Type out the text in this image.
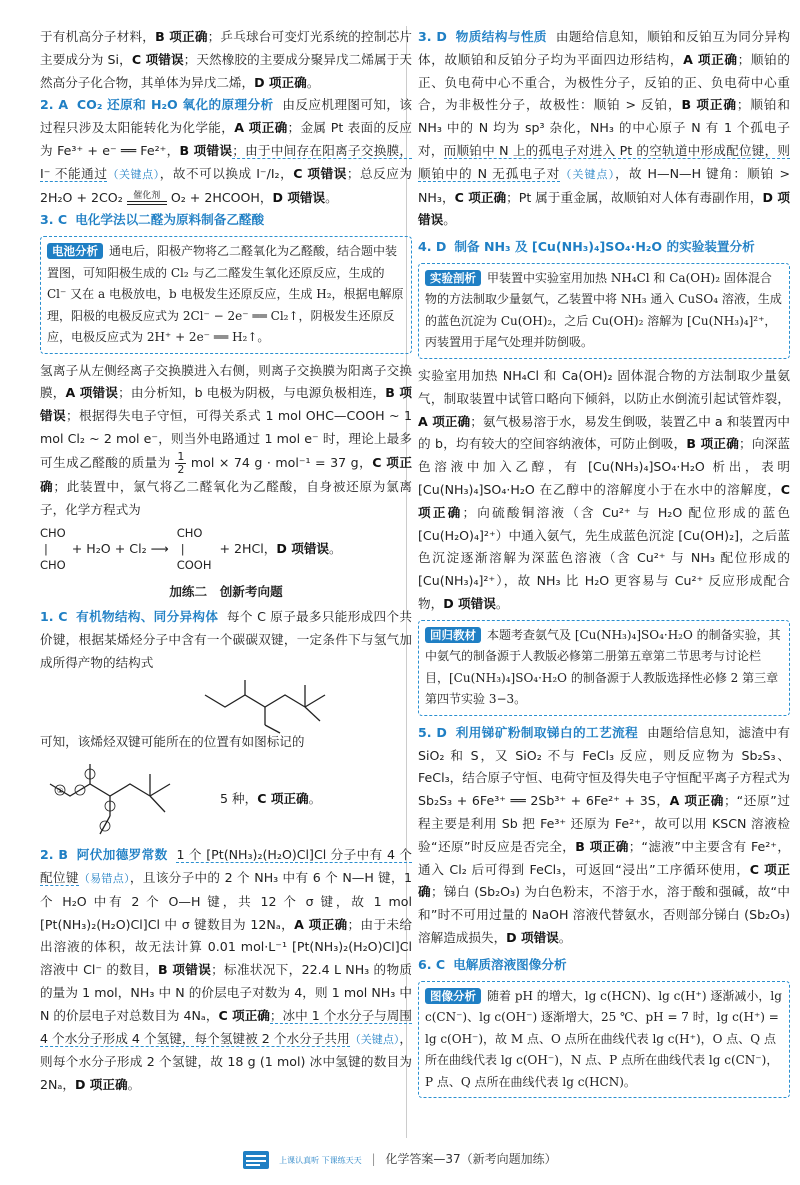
于有机高分子材料，B 项正确；乒乓球台可变灯光系统的控制芯片主要成分为 Si，C 项错误；天然橡胶的主要成分聚异戊二烯属于天然高分子化合物，其单体为异戊二烯，D 项正确。

2. A CO₂ 还原和 H₂O 氧化的原理分析 由反应机理图可知，该过程只涉及太阳能转化为化学能，A 项正确；金属 Pt 表面的反应为 Fe³⁺ + e⁻ ══ Fe²⁺，B 项错误；由于中间存在阳离子交换膜，I⁻ 不能通过（关键点），故不可以换成 I⁻/I₂，C 项错误；总反应为 2H₂O + 2CO₂	催化剂 O₂ + 2HCOOH，D 项错误。

3. C 电化学法以二醛为原料制备乙醛酸

电池分析 通电后，阳极产物将乙二醛氧化为乙醛酸，结合题中装置图，可知阳极生成的 Cl₂ 与乙二醛发生氧化还原反应，生成的 Cl⁻ 又在 a 电极放电，b 电极发生还原反应，生成 H₂，根据电解原理，阳极的电极反应式为 2Cl⁻ − 2e⁻ ══ Cl₂↑，阴极发生还原反应，电极反应式为 2H⁺ + 2e⁻ ══ H₂↑。

氢离子从左侧经离子交换膜进入右侧，则离子交换膜为阳离子交换膜，A 项错误；由分析知，b 电极为阴极，与电源负极相连，B 项错误；根据得失电子守恒，可得关系式 1 mol OHC—COOH ~ 1 mol Cl₂ ~ 2 mol e⁻，则当外电路通过 1 mol e⁻ 时，理论上最多可生成乙醛酸的质量为 $\frac{1}{2}$ mol × 74 g · mol⁻¹ = 37 g，C 项正确；此装置中，氯气将乙二醛氧化为乙醛酸，自身被还原为氯离子，化学方程式为

CHO
|
CHO
+ H₂O + Cl₂ ⟶
CHO
|
COOH
+ 2HCl， D 项错误 。
加练二　创新考向题

1. C 有机物结构、同分异构体 每个 C 原子最多只能形成四个共价键，根据某烯烃分子中含有一个碳碳双键，一定条件下与氢气加成所得产物的结构式

可知，该烯烃双键可能所在的位置有如图标记的
①	5 种， C 项正确 。

2. B 阿伏加德罗常数 1 个 [Pt(NH₃)₂(H₂O)Cl]Cl 分子中有 4 个配位键（易错点），且该分子中的 2 个 NH₃ 中有 6 个 N—H 键，1 个 H₂O 中有 2 个 O—H 键，共 12 个 σ 键，故 1 mol [Pt(NH₃)₂(H₂O)Cl]Cl 中 σ 键数目为 12Nₐ，A 项正确；由于未给出溶液的体积，故无法计算 0.01 mol·L⁻¹ [Pt(NH₃)₂(H₂O)Cl]Cl 溶液中 Cl⁻ 的数目，B 项错误；标准状况下，22.4 L NH₃ 的物质的量为 1 mol，NH₃ 中 N 的价层电子对数为 4，则 1 mol NH₃ 中 N 的价层电子对总数目为 4Nₐ，C 项正确；冰中 1 个水分子与周围 4 个水分子形成 4 个氢键，每个氢键被 2 个水分子共用（关键点），则每个水分子形成 2 个氢键，故 18 g (1 mol) 冰中氢键的数目为 2Nₐ，D 项正确。

3. D 物质结构与性质 由题给信息知，顺铂和反铂互为同分异构体，故顺铂和反铂分子均为平面四边形结构，A 项正确；顺铂的正、负电荷中心不重合，为极性分子，反铂的正、负电荷中心重合，为非极性分子，故极性：顺铂 > 反铂，B 项正确；顺铂和 NH₃ 中的 N 均为 sp³ 杂化，NH₃ 的中心原子 N 有 1 个孤电子对，而顺铂中 N 上的孤电子对进入 Pt 的空轨道中形成配位键，则顺铂中的 N 无孤电子对（关键点），故 H—N—H 键角：顺铂 > NH₃，C 项正确；Pt 属于重金属，故顺铂对人体有毒副作用，D 项错误。

4. D 制备 NH₃ 及 [Cu(NH₃)₄]SO₄·H₂O 的实验装置分析

实验剖析 甲装置中实验室用加热 NH₄Cl 和 Ca(OH)₂ 固体混合物的方法制取少量氨气，乙装置中将 NH₃ 通入 CuSO₄ 溶液，生成的蓝色沉淀为 Cu(OH)₂，之后 Cu(OH)₂ 溶解为 [Cu(NH₃)₄]²⁺，丙装置用于尾气处理并防倒吸。

实验室用加热 NH₄Cl 和 Ca(OH)₂ 固体混合物的方法制取少量氨气，制取装置中试管口略向下倾斜，以防止水倒流引起试管炸裂，A 项正确；氨气极易溶于水，易发生倒吸，装置乙中 a 和装置丙中的 b，均有较大的空间容纳液体，可防止倒吸，B 项正确；向深蓝色溶液中加入乙醇，有 [Cu(NH₃)₄]SO₄·H₂O 析出，表明 [Cu(NH₃)₄]SO₄·H₂O 在乙醇中的溶解度小于在水中的溶解度，C 项正确；向硫酸铜溶液（含 Cu²⁺ 与 H₂O 配位形成的蓝色 [Cu(H₂O)₄]²⁺）中通入氨气，先生成蓝色沉淀 [Cu(OH)₂]，之后蓝色沉淀逐渐溶解为深蓝色溶液（含 Cu²⁺ 与 NH₃ 配位形成的 [Cu(NH₃)₄]²⁺），故 NH₃ 比 H₂O 更容易与 Cu²⁺ 反应形成配合物，D 项错误。

回归教材 本题考查氨气及 [Cu(NH₃)₄]SO₄·H₂O 的制备实验，其中氨气的制备源于人教版必修第二册第五章第二节思考与讨论栏目，[Cu(NH₃)₄]SO₄·H₂O 的制备源于人教版选择性必修 2 第三章第四节实验 3−3。

5. D 利用锑矿粉制取锑白的工艺流程 由题给信息知，滤渣中有 SiO₂ 和 S，又 SiO₂ 不与 FeCl₃ 反应，则反应物为 Sb₂S₃、FeCl₃，结合原子守恒、电荷守恒及得失电子守恒配平离子方程式为 Sb₂S₃ + 6Fe³⁺ ══ 2Sb³⁺ + 6Fe²⁺ + 3S，A 项正确；“还原”过程主要是利用 Sb 把 Fe³⁺ 还原为 Fe²⁺，故可以用 KSCN 溶液检验“还原”时反应是否完全，B 项正确；“滤液”中主要含有 Fe²⁺，通入 Cl₂ 后可得到 FeCl₃，可返回“浸出”工序循环使用，C 项正确；锑白 (Sb₂O₃) 为白色粉末，不溶于水，溶于酸和强碱，故“中和”时不可用过量的 NaOH 溶液代替氨水，否则部分锑白 (Sb₂O₃) 溶解造成损失，D 项错误。

6. C 电解质溶液图像分析

图像分析 随着 pH 的增大，lg c(HCN)、lg c(H⁺) 逐渐减小，lg c(CN⁻)、lg c(OH⁻) 逐渐增大，25 ℃、pH = 7 时，lg c(H⁺) = lg c(OH⁻)，故 M 点、O 点所在曲线代表 lg c(H⁺)，O 点、Q 点所在曲线代表 lg c(OH⁻)，N 点、P 点所在曲线代表 lg c(CN⁻)，P 点、Q 点所在曲线代表 lg c(HCN)。
上课认真听 下课练天天 | 化学答案—37（新考向题加练）
